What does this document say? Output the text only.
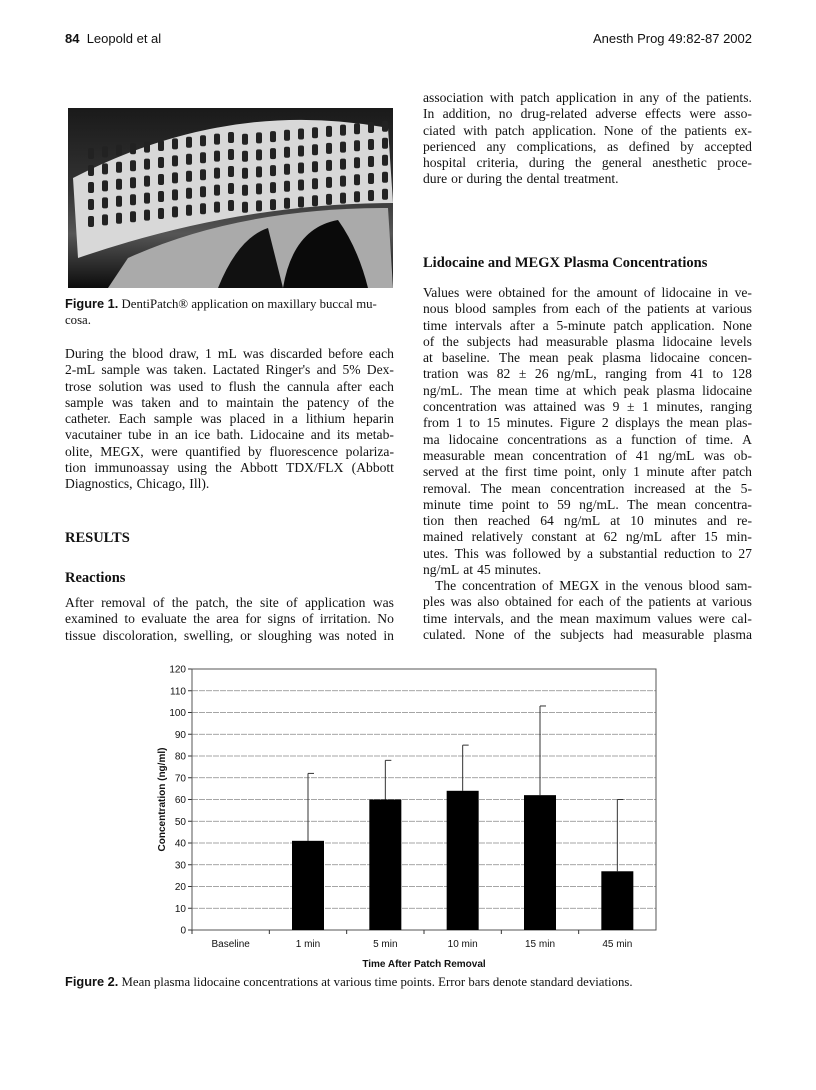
84 Leopold et al	Anesth Prog 49:82-87 2002
Figure 1. DentiPatch® application on maxillary buccal mu- cosa.
During the blood draw, 1 mL was discarded before each
2-mL sample was taken. Lactated Ringer's and 5% Dex-
trose solution was used to flush the cannula after each
sample was taken and to maintain the patency of the
catheter. Each sample was placed in a lithium heparin
vacutainer tube in an ice bath. Lidocaine and its metab-
olite, MEGX, were quantified by fluorescence polariza-
tion immunoassay using the Abbott TDX/FLX (Abbott
Diagnostics, Chicago, Ill).
RESULTS
Reactions
After removal of the patch, the site of application was
examined to evaluate the area for signs of irritation. No
tissue discoloration, swelling, or sloughing was noted in
association with patch application in any of the patients.
In addition, no drug-related adverse effects were asso-
ciated with patch application. None of the patients ex-
perienced any complications, as defined by accepted
hospital criteria, during the general anesthetic proce-
dure or during the dental treatment.
Lidocaine and MEGX Plasma Concentrations
Values were obtained for the amount of lidocaine in ve-
nous blood samples from each of the patients at various
time intervals after a 5-minute patch application. None
of the subjects had measurable plasma lidocaine levels
at baseline. The mean peak plasma lidocaine concen-
tration was 82 ± 26 ng/mL, ranging from 41 to 128
ng/mL. The mean time at which peak plasma lidocaine
concentration was attained was 9 ± 1 minutes, ranging
from 1 to 15 minutes. Figure 2 displays the mean plas-
ma lidocaine concentrations as a function of time. A
measurable mean concentration of 41 ng/mL was ob-
served at the first time point, only 1 minute after patch
removal. The mean concentration increased at the 5-
minute time point to 59 ng/mL. The mean concentra-
tion then reached 64 ng/mL at 10 minutes and re-
mained relatively constant at 62 ng/mL after 15 min-
utes. This was followed by a substantial reduction to 27
ng/mL at 45 minutes.
The concentration of MEGX in the venous blood sam-
ples was also obtained for each of the patients at various
time intervals, and the mean maximum values were cal-
culated. None of the subjects had measurable plasma
0
10
20
30
40
50
60
70
80
90
100
110
120
Baseline	1 min	5 min	10 min	15 min	45 min
Time After Patch Removal
Concentration (ng/ml)
Figure 2. Mean plasma lidocaine concentrations at various time points. Error bars denote standard deviations.
